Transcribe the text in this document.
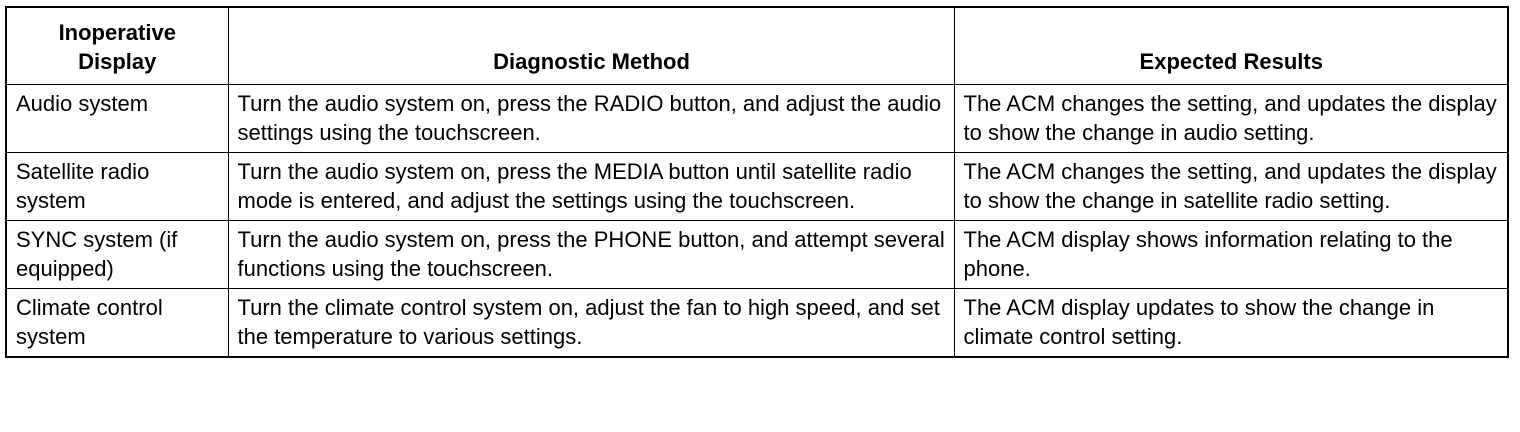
Inoperative Display	Diagnostic Method	Expected Results
Audio system	Turn the audio system on, press the RADIO button, and adjust the audio settings using the touchscreen.	The ACM changes the setting, and updates the display to show the change in audio setting.
Satellite radio system	Turn the audio system on, press the MEDIA button until satellite radio mode is entered, and adjust the settings using the touchscreen.	The ACM changes the setting, and updates the display to show the change in satellite radio setting.
SYNC system (if equipped)	Turn the audio system on, press the PHONE button, and attempt several functions using the touchscreen.	The ACM display shows information relating to the phone.
Climate control system	Turn the climate control system on, adjust the fan to high speed, and set the temperature to various settings.	The ACM display updates to show the change in climate control setting.
